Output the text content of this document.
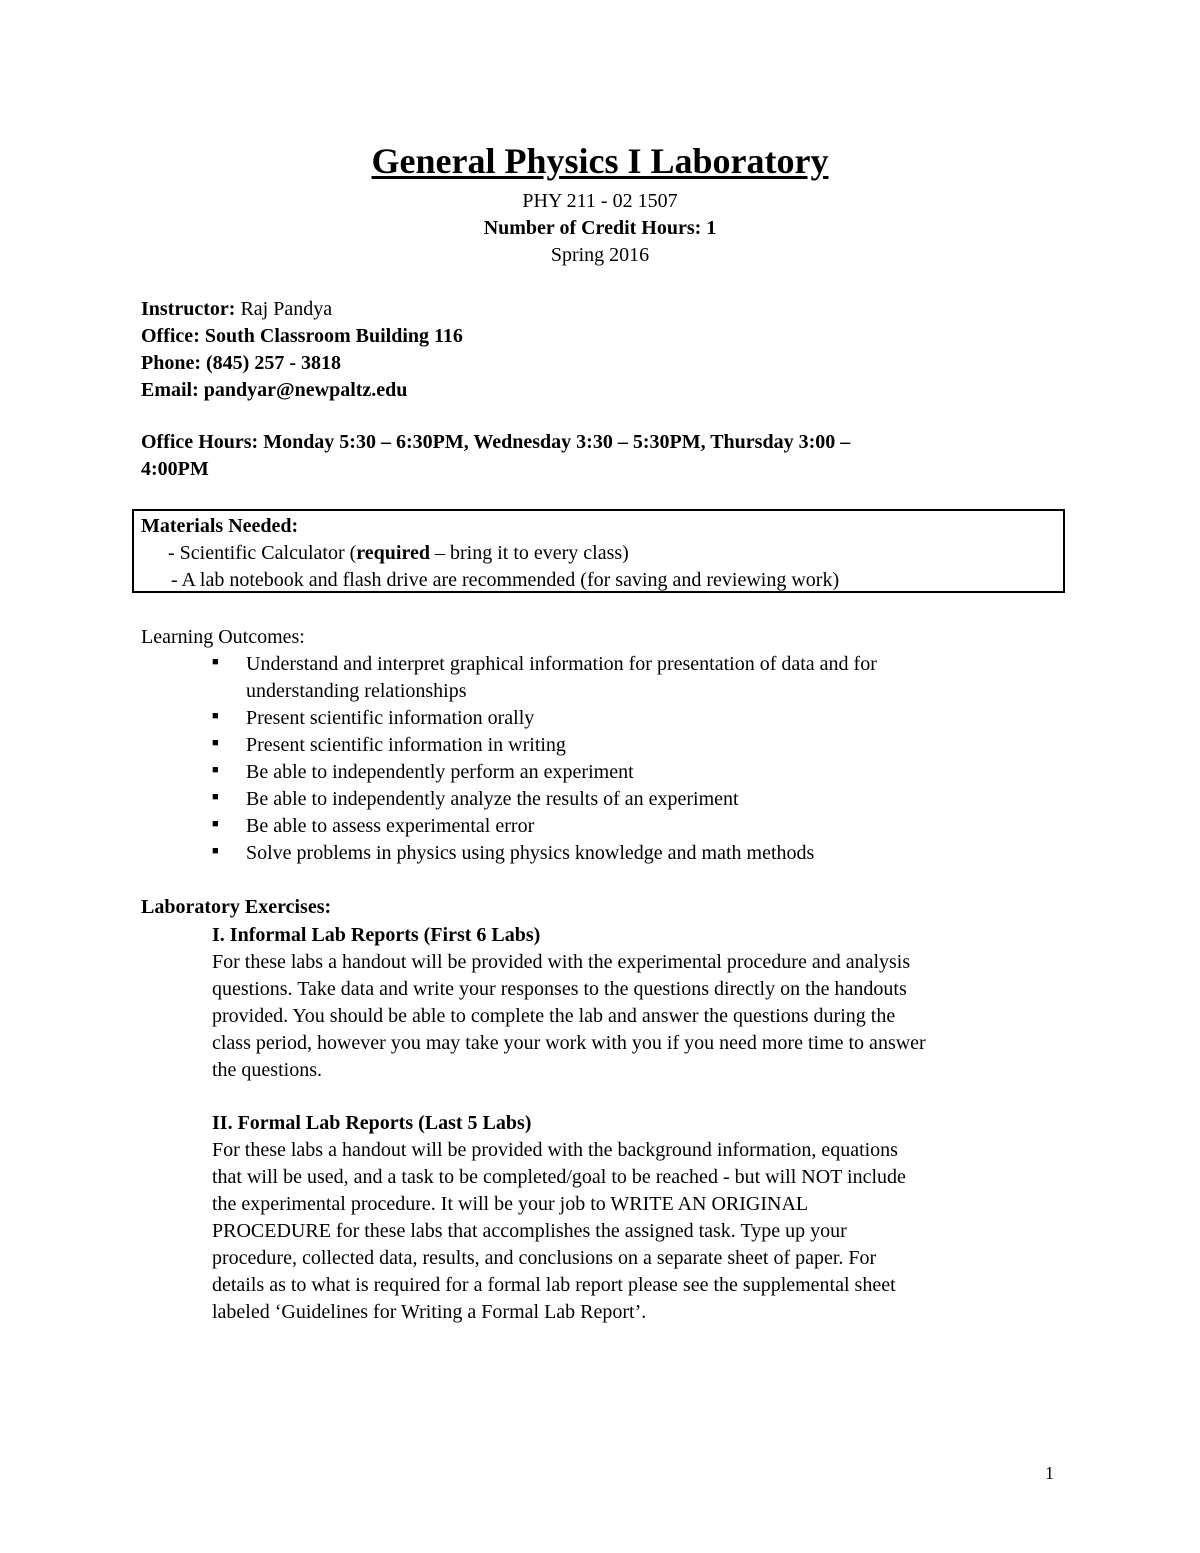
General Physics I Laboratory
PHY 211 - 02 1507
Number of Credit Hours: 1
Spring 2016
Instructor: Raj Pandya
Office: South Classroom Building 116
Phone: (845) 257 - 3818
Email: pandyar@newpaltz.edu
Office Hours: Monday 5:30 – 6:30PM, Wednesday 3:30 – 5:30PM, Thursday 3:00 –
4:00PM
Materials Needed:
- Scientific Calculator (required – bring it to every class)
- A lab notebook and flash drive are recommended (for saving and reviewing work)
Learning Outcomes:
■ Understand and interpret graphical information for presentation of data and for
understanding relationships
■ Present scientific information orally
■ Present scientific information in writing
■ Be able to independently perform an experiment
■ Be able to independently analyze the results of an experiment
■ Be able to assess experimental error
■ Solve problems in physics using physics knowledge and math methods
Laboratory Exercises:
I. Informal Lab Reports (First 6 Labs)
For these labs a handout will be provided with the experimental procedure and analysis
questions. Take data and write your responses to the questions directly on the handouts
provided. You should be able to complete the lab and answer the questions during the
class period, however you may take your work with you if you need more time to answer
the questions.
II. Formal Lab Reports (Last 5 Labs)
For these labs a handout will be provided with the background information, equations
that will be used, and a task to be completed/goal to be reached - but will NOT include
the experimental procedure. It will be your job to WRITE AN ORIGINAL
PROCEDURE for these labs that accomplishes the assigned task. Type up your
procedure, collected data, results, and conclusions on a separate sheet of paper. For
details as to what is required for a formal lab report please see the supplemental sheet
labeled ‘Guidelines for Writing a Formal Lab Report’.
1
